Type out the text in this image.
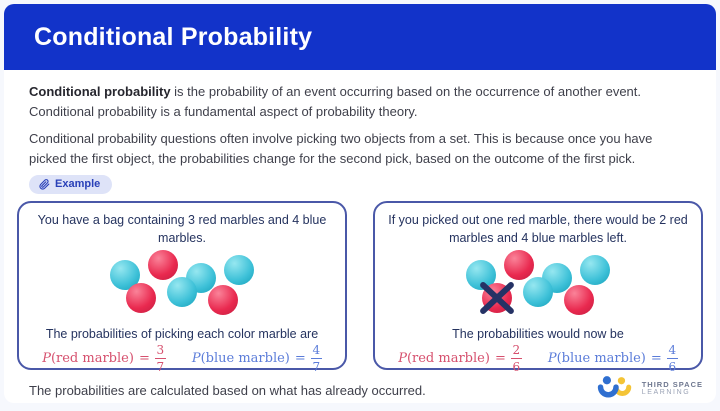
Conditional Probability

Conditional probability is the probability of an event occurring based on the occurrence of another event. Conditional probability is a fundamental aspect of probability theory.

Conditional probability questions often involve picking two objects from a set. This is because once you have picked the first object, the probabilities change for the second pick, based on the outcome of the first pick.

Example

You have a bag containing 3 red marbles and 4 blue marbles.

The probabilities of picking each color marble are

P(red marble) = $\frac{3}{7}$ P(blue marble) = $\frac{4}{7}$

If you picked out one red marble, there would be 2 red marbles and 4 blue marbles left.

The probabilities would now be

P(red marble) = $\frac{2}{6}$ P(blue marble) = $\frac{4}{6}$

The probabilities are calculated based on what has already occurred.	THIRD SPACE
LEARNING
